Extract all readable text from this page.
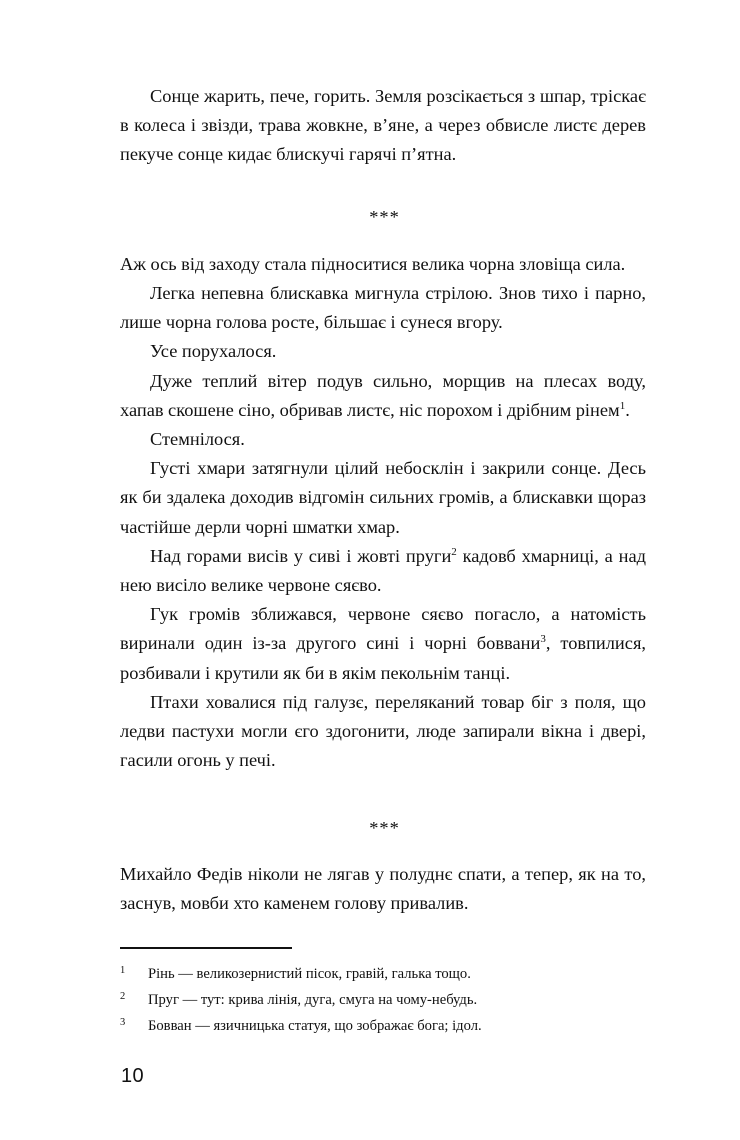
Сонце жарить, пече, горить. Земля розсікається з шпар, тріскає в колеса і звізди, трава жовкне, в’яне, а через обвисле листє дерев пекуче сонце кидає блискучі гарячі п’ятна.

***

Аж ось від заходу стала підноситися велика чорна зловіща сила.

Легка непевна блискавка мигнула стрілою. Знов тихо і парно, лише чорна голова росте, більшає і сунеся вгору.

Усе порухалося.

Дуже теплий вітер подув сильно, морщив на плесах воду, хапав скошене сіно, обривав листє, ніс порохом і дрібним рінем$^1$.

Стемнілося.

Густі хмари затягнули цілий небосклін і закрили сонце. Десь як би здалека доходив відгомін сильних громів, а блискавки щораз частійше дерли чорні шматки хмар.

Над горами висів у сиві і жовті пруги$^2$ кадовб хмарниці, а над нею висіло велике червоне сяєво.

Гук громів зближався, червоне сяєво погасло, а натомість виринали один із-за другого сині і чорні боввани$^3$, товпилися, розбивали і крутили як би в якім пекольнім танці.

Птахи ховалися під галузє, переляканий товар біг з поля, що ледви пастухи могли єго здогонити, люде запирали вікна і двері, гасили огонь у печі.

***

Михайло Федів ніколи не лягав у полуднє спати, а тепер, як на то, заснув, мовби хто каменем голову привалив.

1	Рінь — великозернистий пісок, гравій, галька тощо.
2	Пруг — тут: крива лінія, дуга, смуга на чому-небудь.
3	Бовван — язичницька статуя, що зображає бога; ідол.
10
